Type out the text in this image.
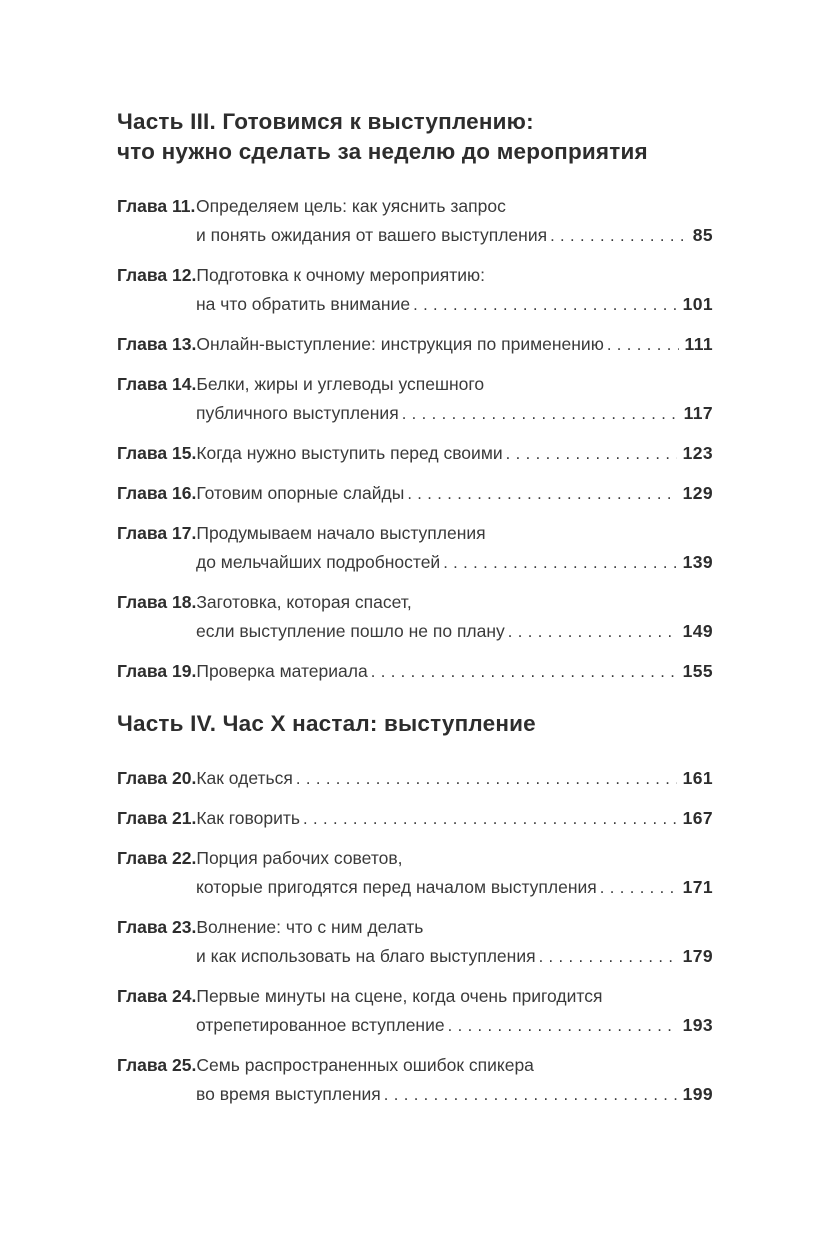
Часть III. Готовимся к выступлению:
что нужно сделать за неделю до мероприятия
Глава 11. Определяем цель: как уяснить запрос
и понять ожидания от вашего выступления .....	85
Глава 12. Подготовка к очному мероприятию:
на что обратить внимание .....	101
Глава 13. Онлайн-выступление: инструкция по применению .....	111
Глава 14. Белки, жиры и углеводы успешного
публичного выступления .....	117
Глава 15. Когда нужно выступить перед своими .....	123
Глава 16. Готовим опорные слайды .....	129
Глава 17. Продумываем начало выступления
до мельчайших подробностей .....	139
Глава 18. Заготовка, которая спасет,
если выступление пошло не по плану .....	149
Глава 19. Проверка материала .....	155
Часть IV. Час Х настал: выступление
Глава 20. Как одеться .....	161
Глава 21. Как говорить .....	167
Глава 22. Порция рабочих советов,
которые пригодятся перед началом выступления .....	171
Глава 23. Волнение: что с ним делать
и как использовать на благо выступления .....	179
Глава 24. Первые минуты на сцене, когда очень пригодится
отрепетированное вступление .....	193
Глава 25. Семь распространенных ошибок спикера
во время выступления .....	199
